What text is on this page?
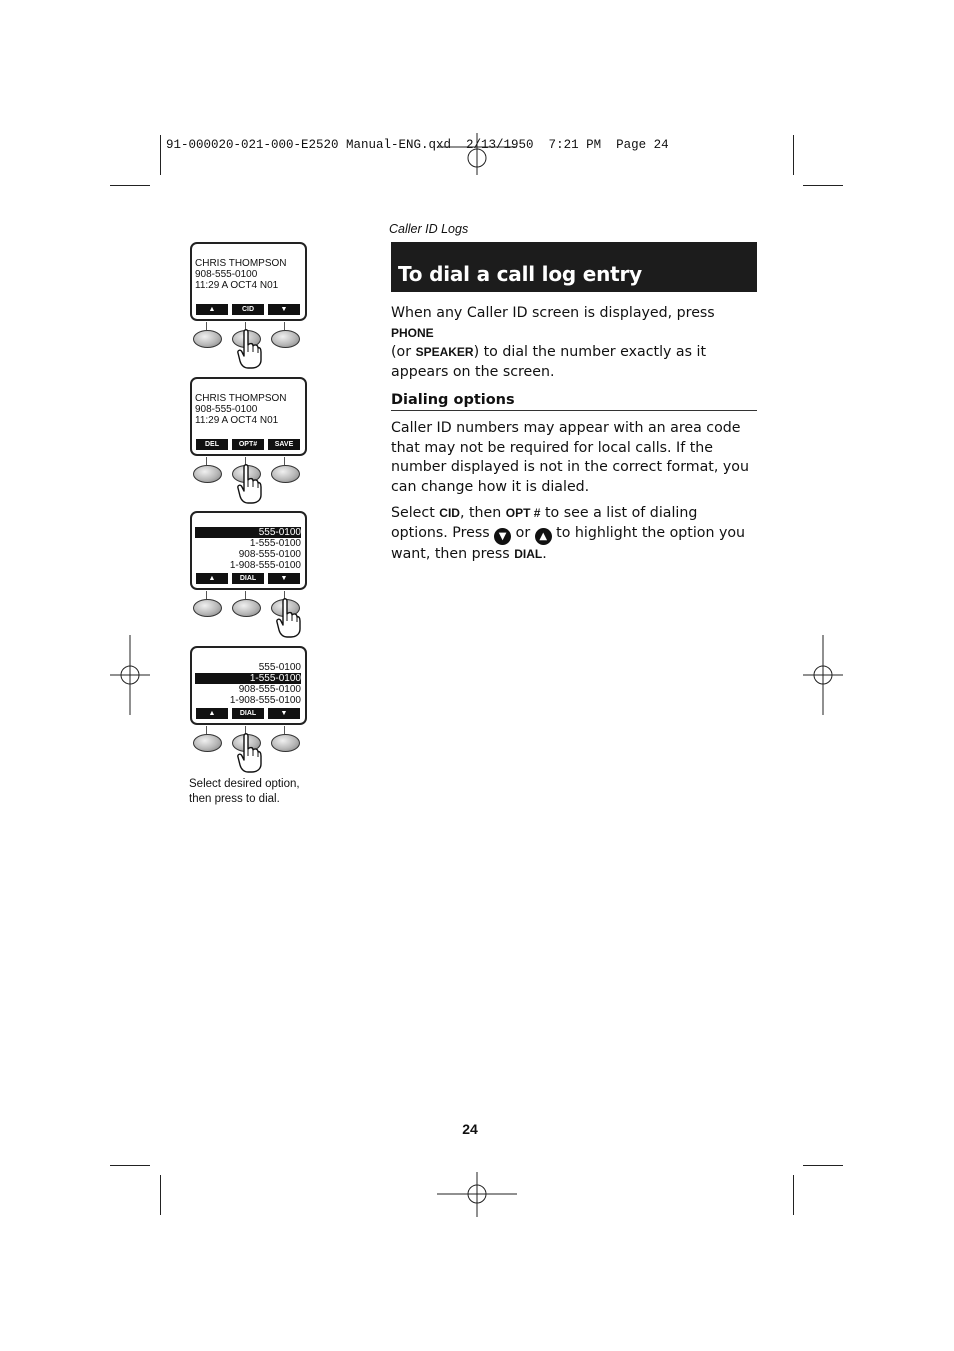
91-000020-021-000-E2520 Manual-ENG.qxd  2/13/1950  7:21 PM  Page 24
Caller ID Logs
To dial a call log entry
When any Caller ID screen is displayed, press PHONE
(or SPEAKER) to dial the number exactly as it appears on the screen.
Dialing options
Caller ID numbers may appear with an area code that may not be required for local calls. If the number displayed is not in the correct format, you can change how it is dialed.
Select CID, then OPT # to see a list of dialing options. Press ▼ or ▲ to highlight the option you want, then press DIAL.
CHRIS THOMPSON
908-555-0100
11:29 A OCT4 N01
▲	CID	▼
CHRIS THOMPSON
908-555-0100
11:29 A OCT4 N01
DEL	OPT#	SAVE
555-0100
1-555-0100
908-555-0100
1-908-555-0100
▲	DIAL	▼
555-0100
1-555-0100
908-555-0100
1-908-555-0100
▲	DIAL	▼
Select desired option,
then press to dial.
24
